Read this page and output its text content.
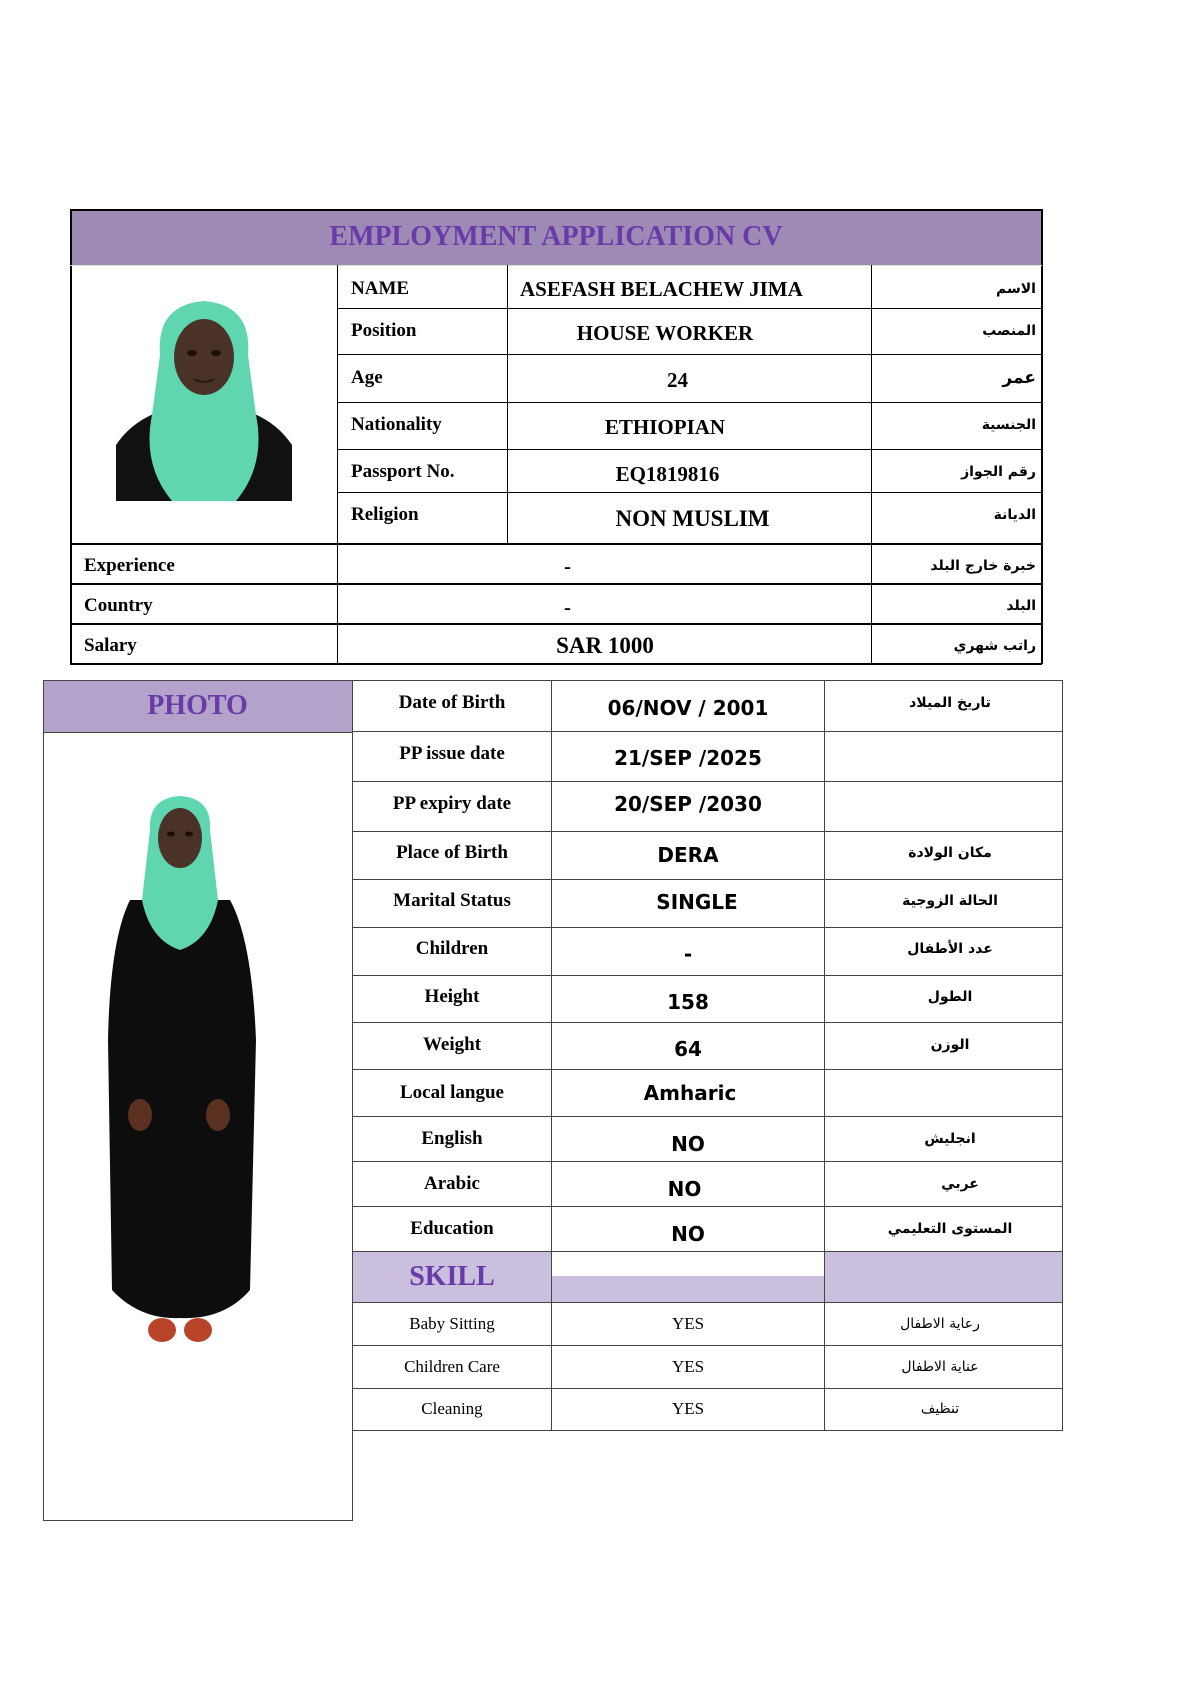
EMPLOYMENT APPLICATION CV
NAME	ASEFASH BELACHEW JIMA	الاسم
Position	HOUSE WORKER	المنصب
Age	24	عمر
Nationality	ETHIOPIAN	الجنسية
Passport No.	EQ1819816	رقم الجواز
Religion	NON MUSLIM	الديانة
Experience	-	خبرة خارج البلد
Country	-	البلد
Salary	SAR 1000	راتب شهري
PHOTO
SKILL
Date of Birth	06/NOV / 2001	تاريخ الميلاد
PP issue date	21/SEP /2025
PP expiry date	20/SEP /2030
Place of Birth	DERA	مكان الولادة
Marital Status	SINGLE	الحالة الزوجية
Children	-	عدد الأطفال
Height	158	الطول
Weight	64	الوزن
Local langue	Amharic
English	NO	انجليش
Arabic	NO	عربي
Education	NO	المستوى التعليمي
Baby Sitting	YES	رعاية الاطفال
Children Care	YES	عناية الاطفال
Cleaning	YES	تنظيف
